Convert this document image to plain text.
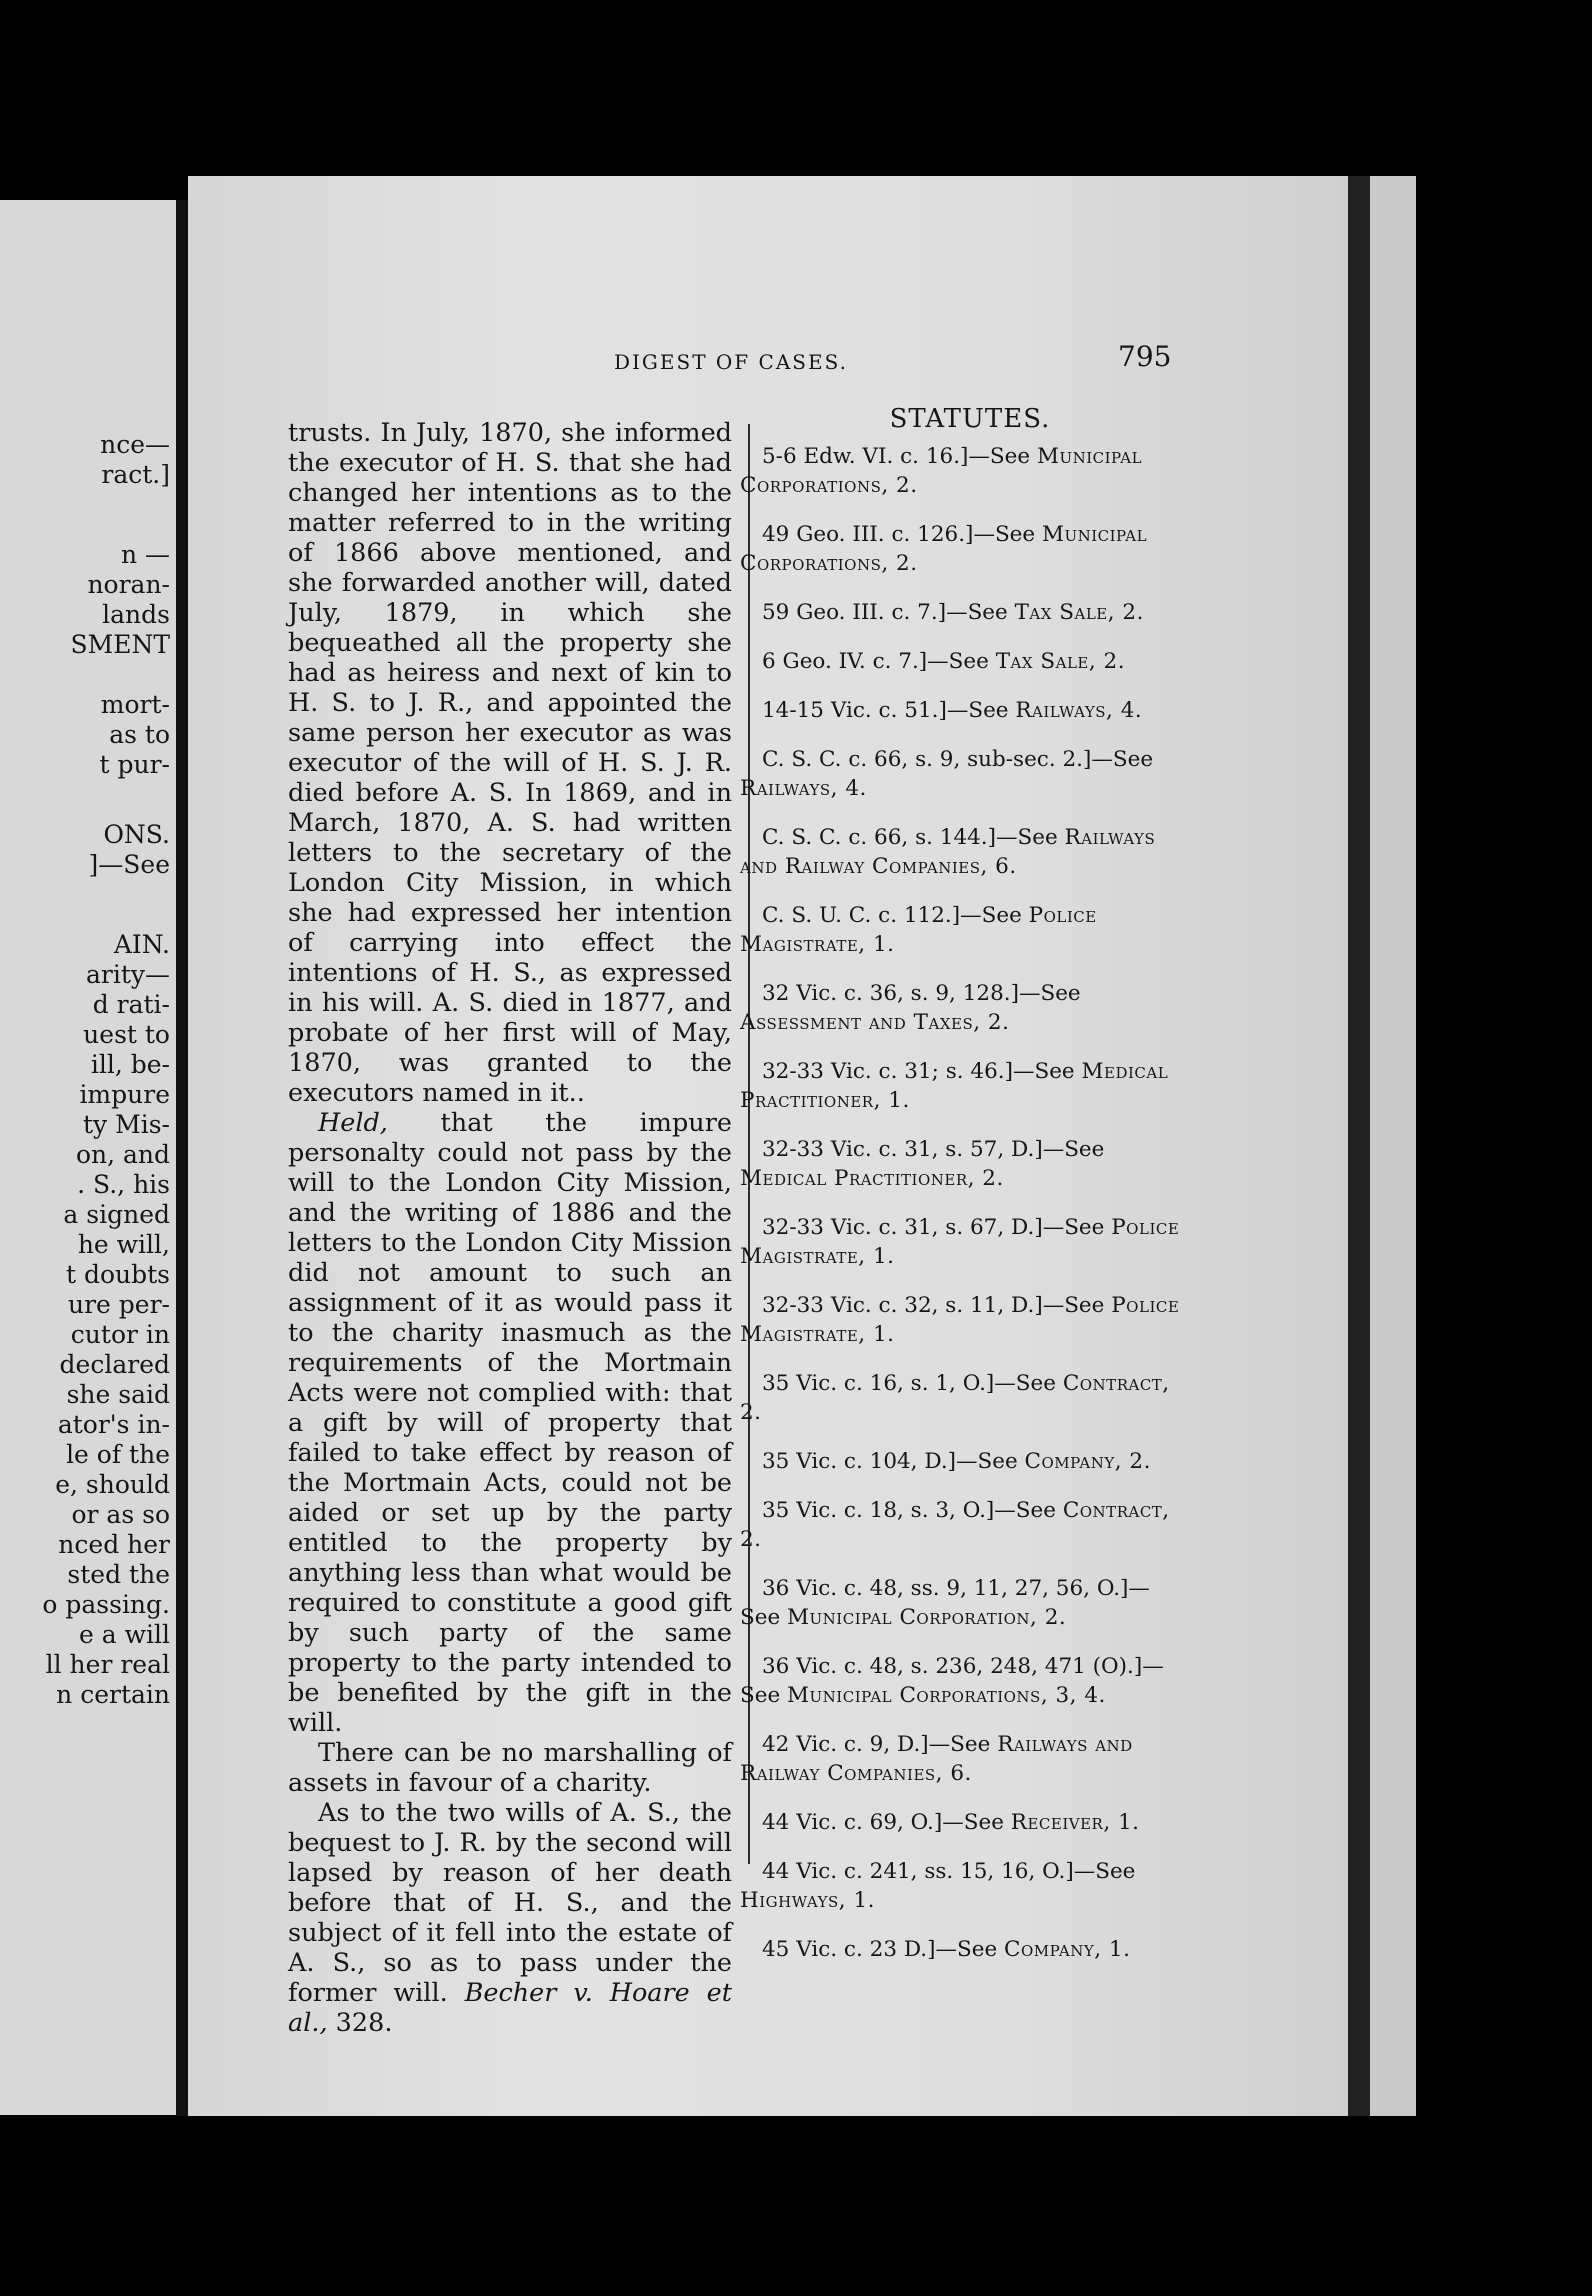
nce—
ract.]
n —
noran-
lands
SMENT
mort-
as to
t pur-
ONS.
]—See
AIN.
arity—
d rati-
uest to
ill, be-
impure
ty Mis-
on, and
. S., his
a signed
he will,
t doubts
ure per-
cutor in
declared
she said
ator's in-
le of the
e, should
or as so
nced her
sted the
o passing.
e a will
ll her real
n certain
DIGEST OF CASES.	795

trusts. In July, 1870, she informed the executor of H. S. that she had changed her intentions as to the matter referred to in the writing of 1866 above mentioned, and she forwarded another will, dated July, 1879, in which she bequeathed all the property she had as heiress and next of kin to H. S. to J. R., and appointed the same person her executor as was executor of the will of H. S. J. R. died before A. S. In 1869, and in March, 1870, A. S. had written letters to the secretary of the London City Mission, in which she had expressed her intention of carrying into effect the intentions of H. S., as expressed in his will. A. S. died in 1877, and probate of her first will of May, 1870, was granted to the executors named in it..

Held, that the impure personalty could not pass by the will to the London City Mission, and the writing of 1886 and the letters to the London City Mission did not amount to such an assignment of it as would pass it to the charity inasmuch as the requirements of the Mortmain Acts were not complied with: that a gift by will of property that failed to take effect by reason of the Mortmain Acts, could not be aided or set up by the party entitled to the property by anything less than what would be required to constitute a good gift by such party of the same property to the party intended to be benefited by the gift in the will.

There can be no marshalling of assets in favour of a charity.

As to the two wills of A. S., the bequest to J. R. by the second will lapsed by reason of her death before that of H. S., and the subject of it fell into the estate of A. S., so as to pass under the former will. Becher v. Hoare et al., 328.

STATUTES.
5-6 Edw. VI. c. 16.]—See Municipal Corporations, 2.
49 Geo. III. c. 126.]—See Municipal Corporations, 2.
59 Geo. III. c. 7.]—See Tax Sale, 2.
6 Geo. IV. c. 7.]—See Tax Sale, 2.
14-15 Vic. c. 51.]—See Railways, 4.
C. S. C. c. 66, s. 9, sub-sec. 2.]—See Railways, 4.
C. S. C. c. 66, s. 144.]—See Railways and Railway Companies, 6.
C. S. U. C. c. 112.]—See Police Magistrate, 1.
32 Vic. c. 36, s. 9, 128.]—See Assessment and Taxes, 2.
32-33 Vic. c. 31; s. 46.]—See Medical Practitioner, 1.
32-33 Vic. c. 31, s. 57, D.]—See Medical Practitioner, 2.
32-33 Vic. c. 31, s. 67, D.]—See Police Magistrate, 1.
32-33 Vic. c. 32, s. 11, D.]—See Police Magistrate, 1.
35 Vic. c. 16, s. 1, O.]—See Contract, 2.
35 Vic. c. 104, D.]—See Company, 2.
35 Vic. c. 18, s. 3, O.]—See Contract, 2.
36 Vic. c. 48, ss. 9, 11, 27, 56, O.]—See Municipal Corporation, 2.
36 Vic. c. 48, s. 236, 248, 471 (O).]—See Municipal Corporations, 3, 4.
42 Vic. c. 9, D.]—See Railways and Railway Companies, 6.
44 Vic. c. 69, O.]—See Receiver, 1.
44 Vic. c. 241, ss. 15, 16, O.]—See Highways, 1.
45 Vic. c. 23 D.]—See Company, 1.
